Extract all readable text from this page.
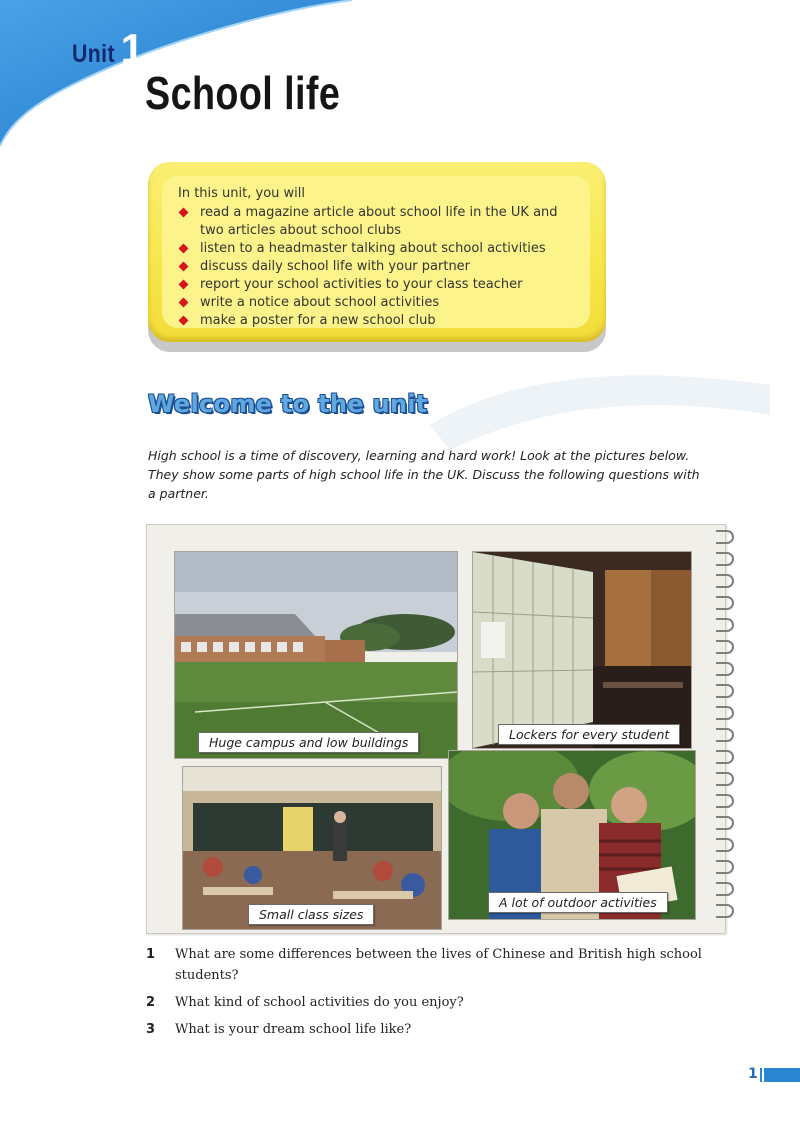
Unit 1
School life

In this unit, you will

read a magazine article about school life in the UK and
two articles about school clubs
listen to a headmaster talking about school activities
discuss daily school life with your partner
report your school activities to your class teacher
write a notice about school activities
make a poster for a new school club
Welcome to the unit

High school is a time of discovery, learning and hard work! Look at the pictures below.
They show some parts of high school life in the UK. Discuss the following questions with
a partner.

Huge campus and low buildings
Lockers for every student
Small class sizes
A lot of outdoor activities
1 What are some differences between the lives of Chinese and British high school
students?
2 What kind of school activities do you enjoy?
3 What is your dream school life like?
1
